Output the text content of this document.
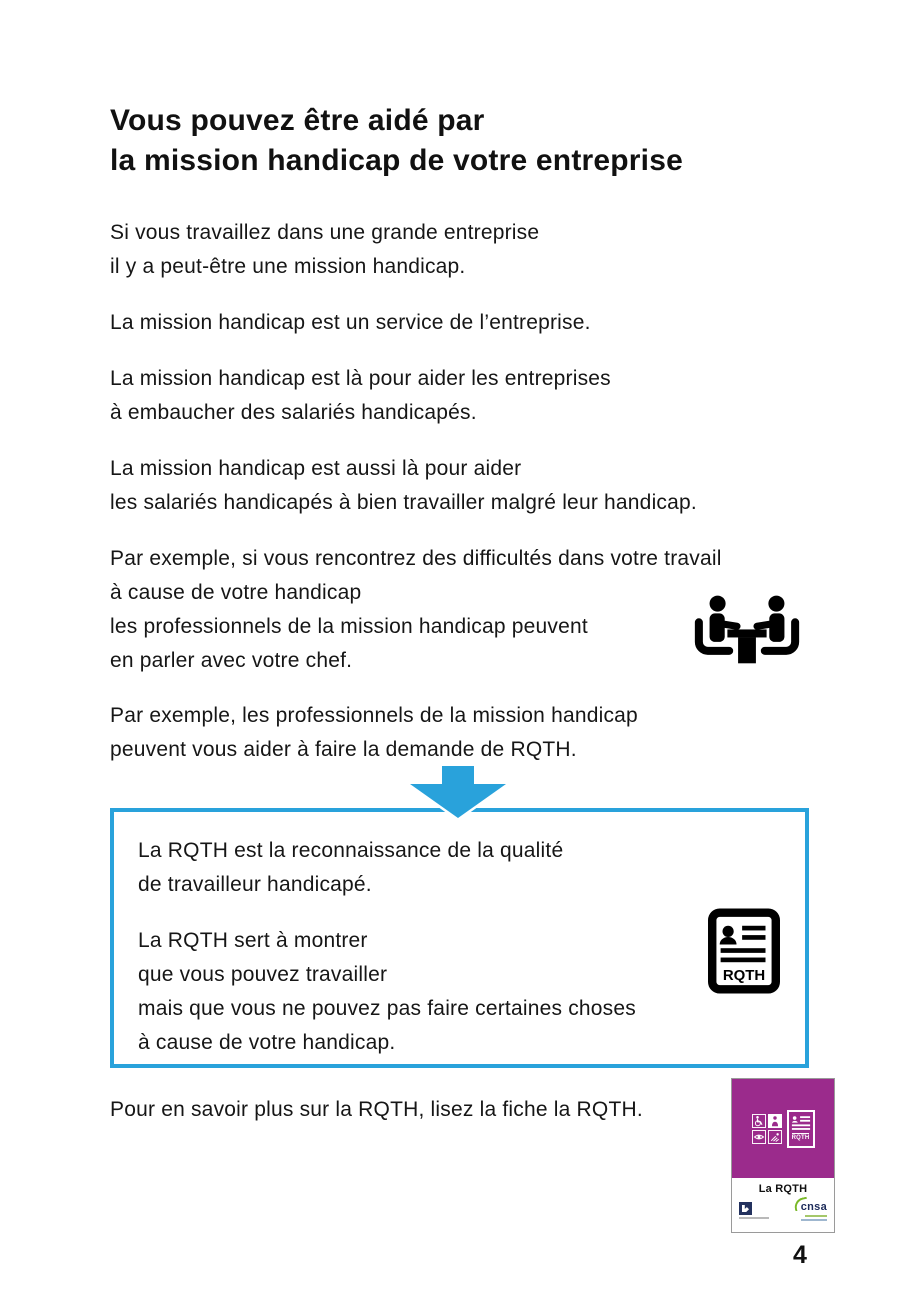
Vous pouvez être aidé par
la mission handicap de votre entreprise
Si vous travaillez dans une grande entreprise
il y a peut-être une mission handicap.
La mission handicap est un service de l’entreprise.
La mission handicap est là pour aider les entreprises
à embaucher des salariés handicapés.
La mission handicap est aussi là pour aider
les salariés handicapés à bien travailler malgré leur handicap.
Par exemple, si vous rencontrez des difficultés dans votre travail
à cause de votre handicap
les professionnels de la mission handicap peuvent
en parler avec votre chef.
Par exemple, les professionnels de la mission handicap
peuvent vous aider à faire la demande de RQTH.
La RQTH est la reconnaissance de la qualité
de travailleur handicapé.
La RQTH sert à montrer
que vous pouvez travailler
mais que vous ne pouvez pas faire certaines choses
à cause de votre handicap.
RQTH
Pour en savoir plus sur la RQTH, lisez la fiche la RQTH.
RQTH
La RQTH
cnsa
4
